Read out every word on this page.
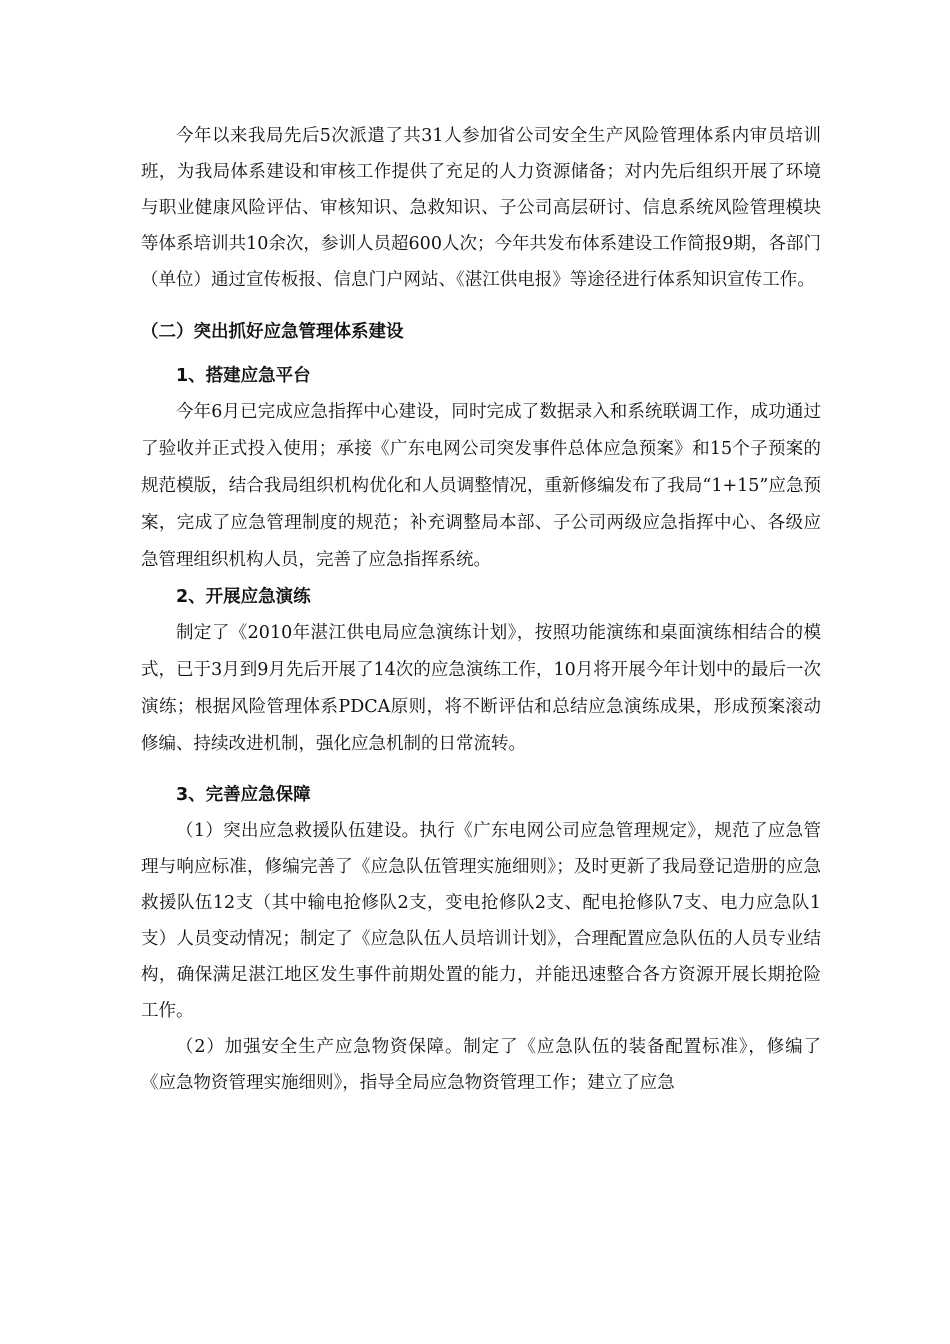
今年以来我局先后5次派遣了共31人参加省公司安全生产风险管理体系内审员培训班，为我局体系建设和审核工作提供了充足的人力资源储备；对内先后组织开展了环境与职业健康风险评估、审核知识、急救知识、子公司高层研讨、信息系统风险管理模块等体系培训共10余次，参训人员超600人次；今年共发布体系建设工作简报9期，各部门（单位）通过宣传板报、信息门户网站、《湛江供电报》等途径进行体系知识宣传工作。

（二）突出抓好应急管理体系建设

1、搭建应急平台

今年6月已完成应急指挥中心建设，同时完成了数据录入和系统联调工作，成功通过了验收并正式投入使用；承接《广东电网公司突发事件总体应急预案》和15个子预案的规范模版，结合我局组织机构优化和人员调整情况，重新修编发布了我局“1+15”应急预案，完成了应急管理制度的规范；补充调整局本部、子公司两级应急指挥中心、各级应急管理组织机构人员，完善了应急指挥系统。

2、开展应急演练

制定了《2010年湛江供电局应急演练计划》，按照功能演练和桌面演练相结合的模式，已于3月到9月先后开展了14次的应急演练工作，10月将开展今年计划中的最后一次演练；根据风险管理体系PDCA原则，将不断评估和总结应急演练成果，形成预案滚动修编、持续改进机制，强化应急机制的日常流转。

3、完善应急保障

（1）突出应急救援队伍建设。执行《广东电网公司应急管理规定》，规范了应急管理与响应标准，修编完善了《应急队伍管理实施细则》；及时更新了我局登记造册的应急救援队伍12支（其中输电抢修队2支，变电抢修队2支、配电抢修队7支、电力应急队1支）人员变动情况；制定了《应急队伍人员培训计划》，合理配置应急队伍的人员专业结构，确保满足湛江地区发生事件前期处置的能力，并能迅速整合各方资源开展长期抢险工作。

（2）加强安全生产应急物资保障。制定了《应急队伍的装备配置标准》，修编了《应急物资管理实施细则》，指导全局应急物资管理工作；建立了应急
